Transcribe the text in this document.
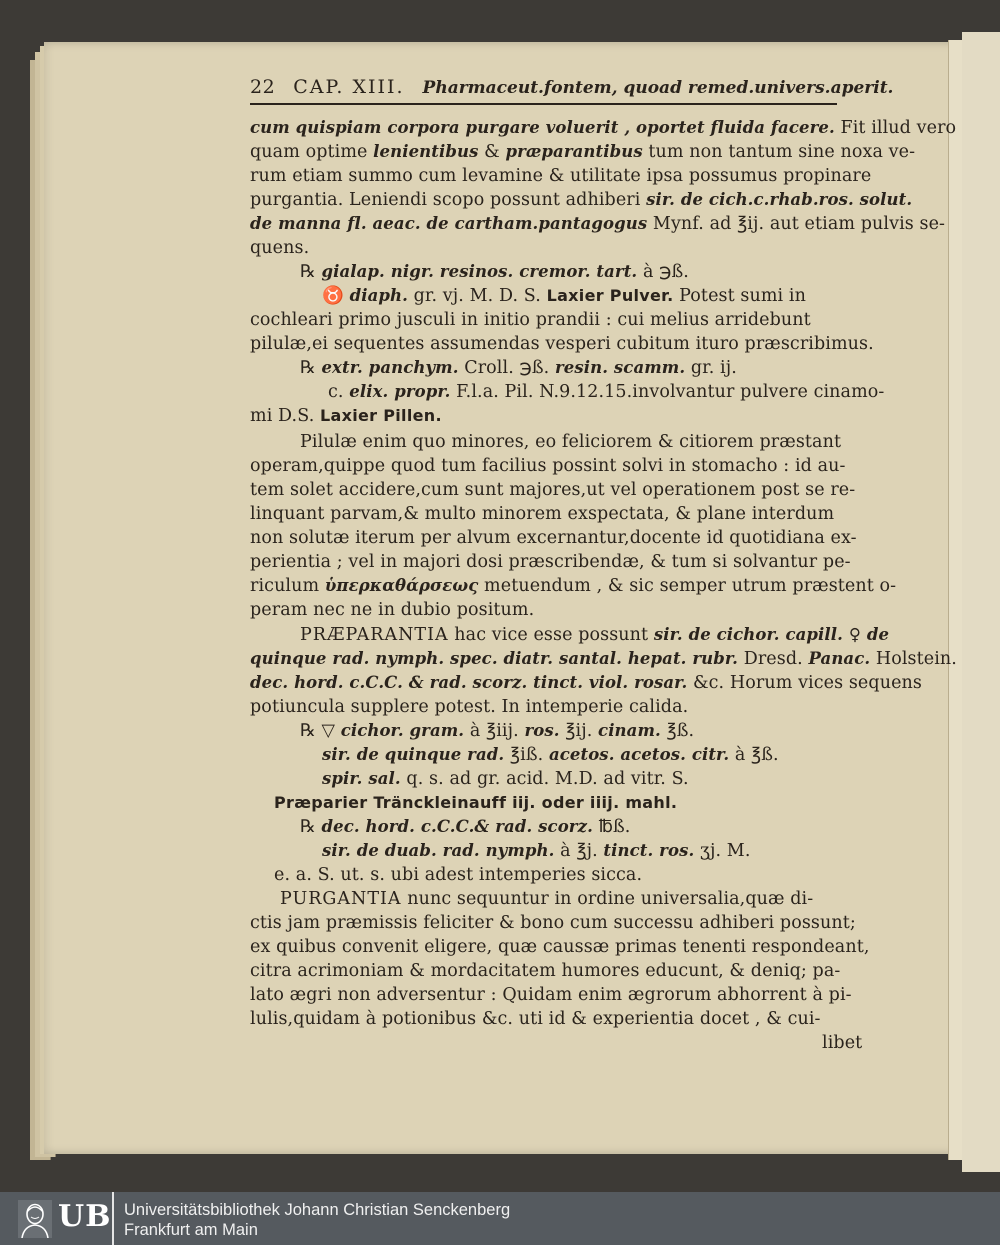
22 CAP. XIII. Pharmaceut.fontem, quoad remed.univers.aperit.
cum quispiam corpora purgare voluerit , oportet fluida facere. Fit illud vero
quam optime lenientibus & præparantibus tum non tantum sine noxa ve-
rum etiam summo cum levamine & utilitate ipsa possumus propinare
purgantia. Leniendi scopo possunt adhiberi sir. de cich.c.rhab.ros. solut.
de manna fl. aeac. de cartham.pantagogus Mynf. ad ℥ij. aut etiam pulvis se-
quens.
℞ gialap. nigr. resinos. cremor. tart. à ℈ß.
♉ diaph. gr. vj. M. D. S. Laxier Pulver. Potest sumi in
cochleari primo jusculi in initio prandii : cui melius arridebunt
pilulæ,ei sequentes assumendas vesperi cubitum ituro præscribimus.
℞ extr. panchym. Croll. ℈ß. resin. scamm. gr. ij.
c. elix. propr. F.l.a. Pil. N.9.12.15.involvantur pulvere cinamo-
mi D.S. Laxier Pillen.
Pilulæ enim quo minores, eo feliciorem & citiorem præstant
operam,quippe quod tum facilius possint solvi in stomacho : id au-
tem solet accidere,cum sunt majores,ut vel operationem post se re-
linquant parvam,& multo minorem exspectata, & plane interdum
non solutæ iterum per alvum excernantur,docente id quotidiana ex-
perientia ; vel in majori dosi præscribendæ, & tum si solvantur pe-
riculum ὑπερκαθάρσεως metuendum , & sic semper utrum præstent o-
peram nec ne in dubio positum.
PRÆPARANTIA hac vice esse possunt sir. de cichor. capill. ♀ de
quinque rad. nymph. spec. diatr. santal. hepat. rubr. Dresd. Panac. Holstein.
dec. hord. c.C.C. & rad. scorz. tinct. viol. rosar. &c. Horum vices sequens
potiuncula supplere potest. In intemperie calida.
℞ ▽ cichor. gram. à ℥iij. ros. ℥ij. cinam. ℥ß.
sir. de quinque rad. ℥iß. acetos. acetos. citr. à ℥ß.
spir. sal. q. s. ad gr. acid. M.D. ad vitr. S.
Præparier Tränckleinauff iij. oder iiij. mahl.
℞ dec. hord. c.C.C.& rad. scorz. ℔ß.
sir. de duab. rad. nymph. à ℥j. tinct. ros. ʒj. M.
e. a. S. ut. s. ubi adest intemperies sicca.
PURGANTIA nunc sequuntur in ordine universalia,quæ di-
ctis jam præmissis feliciter & bono cum successu adhiberi possunt;
ex quibus convenit eligere, quæ caussæ primas tenenti respondeant,
citra acrimoniam & mordacitatem humores educunt, & deniq; pa-
lato ægri non adversentur : Quidam enim ægrorum abhorrent à pi-
lulis,quidam à potionibus &c. uti id & experientia docet , & cui-
libet
UB Universitätsbibliothek Johann Christian Senckenberg
Frankfurt am Main
